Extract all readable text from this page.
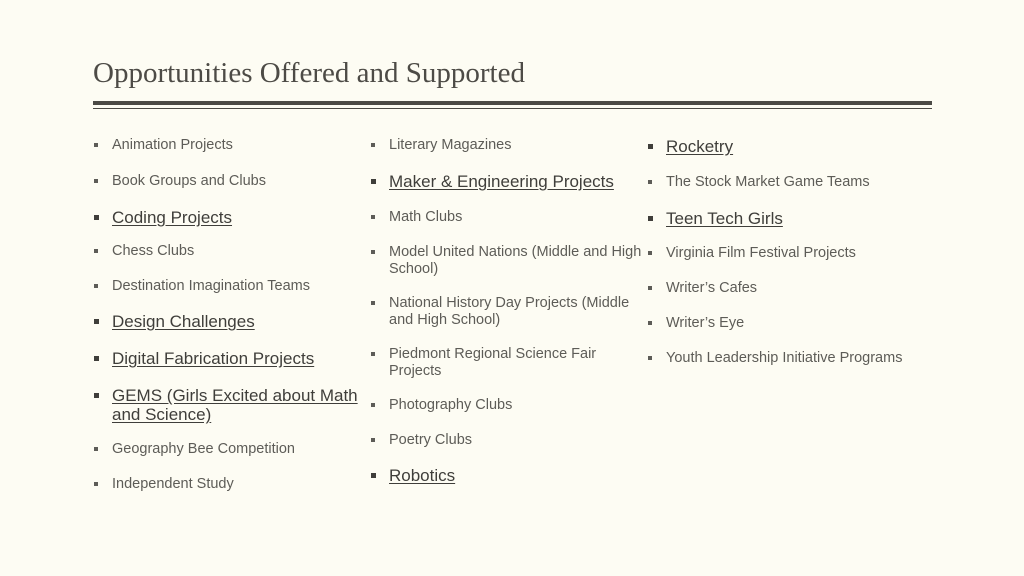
Opportunities Offered and Supported
Animation Projects
Book Groups and Clubs
Coding Projects
Chess Clubs
Destination Imagination Teams
Design Challenges
Digital Fabrication Projects
GEMS (Girls Excited about Math and Science)
Geography Bee Competition
Independent Study
Literary Magazines
Maker & Engineering Projects
Math Clubs
Model United Nations (Middle and High School)
National History Day Projects (Middle and High School)
Piedmont Regional Science Fair Projects
Photography Clubs
Poetry Clubs
Robotics
Rocketry
The Stock Market Game Teams
Teen Tech Girls
Virginia Film Festival Projects
Writer’s Cafes
Writer’s Eye
Youth Leadership Initiative Programs
